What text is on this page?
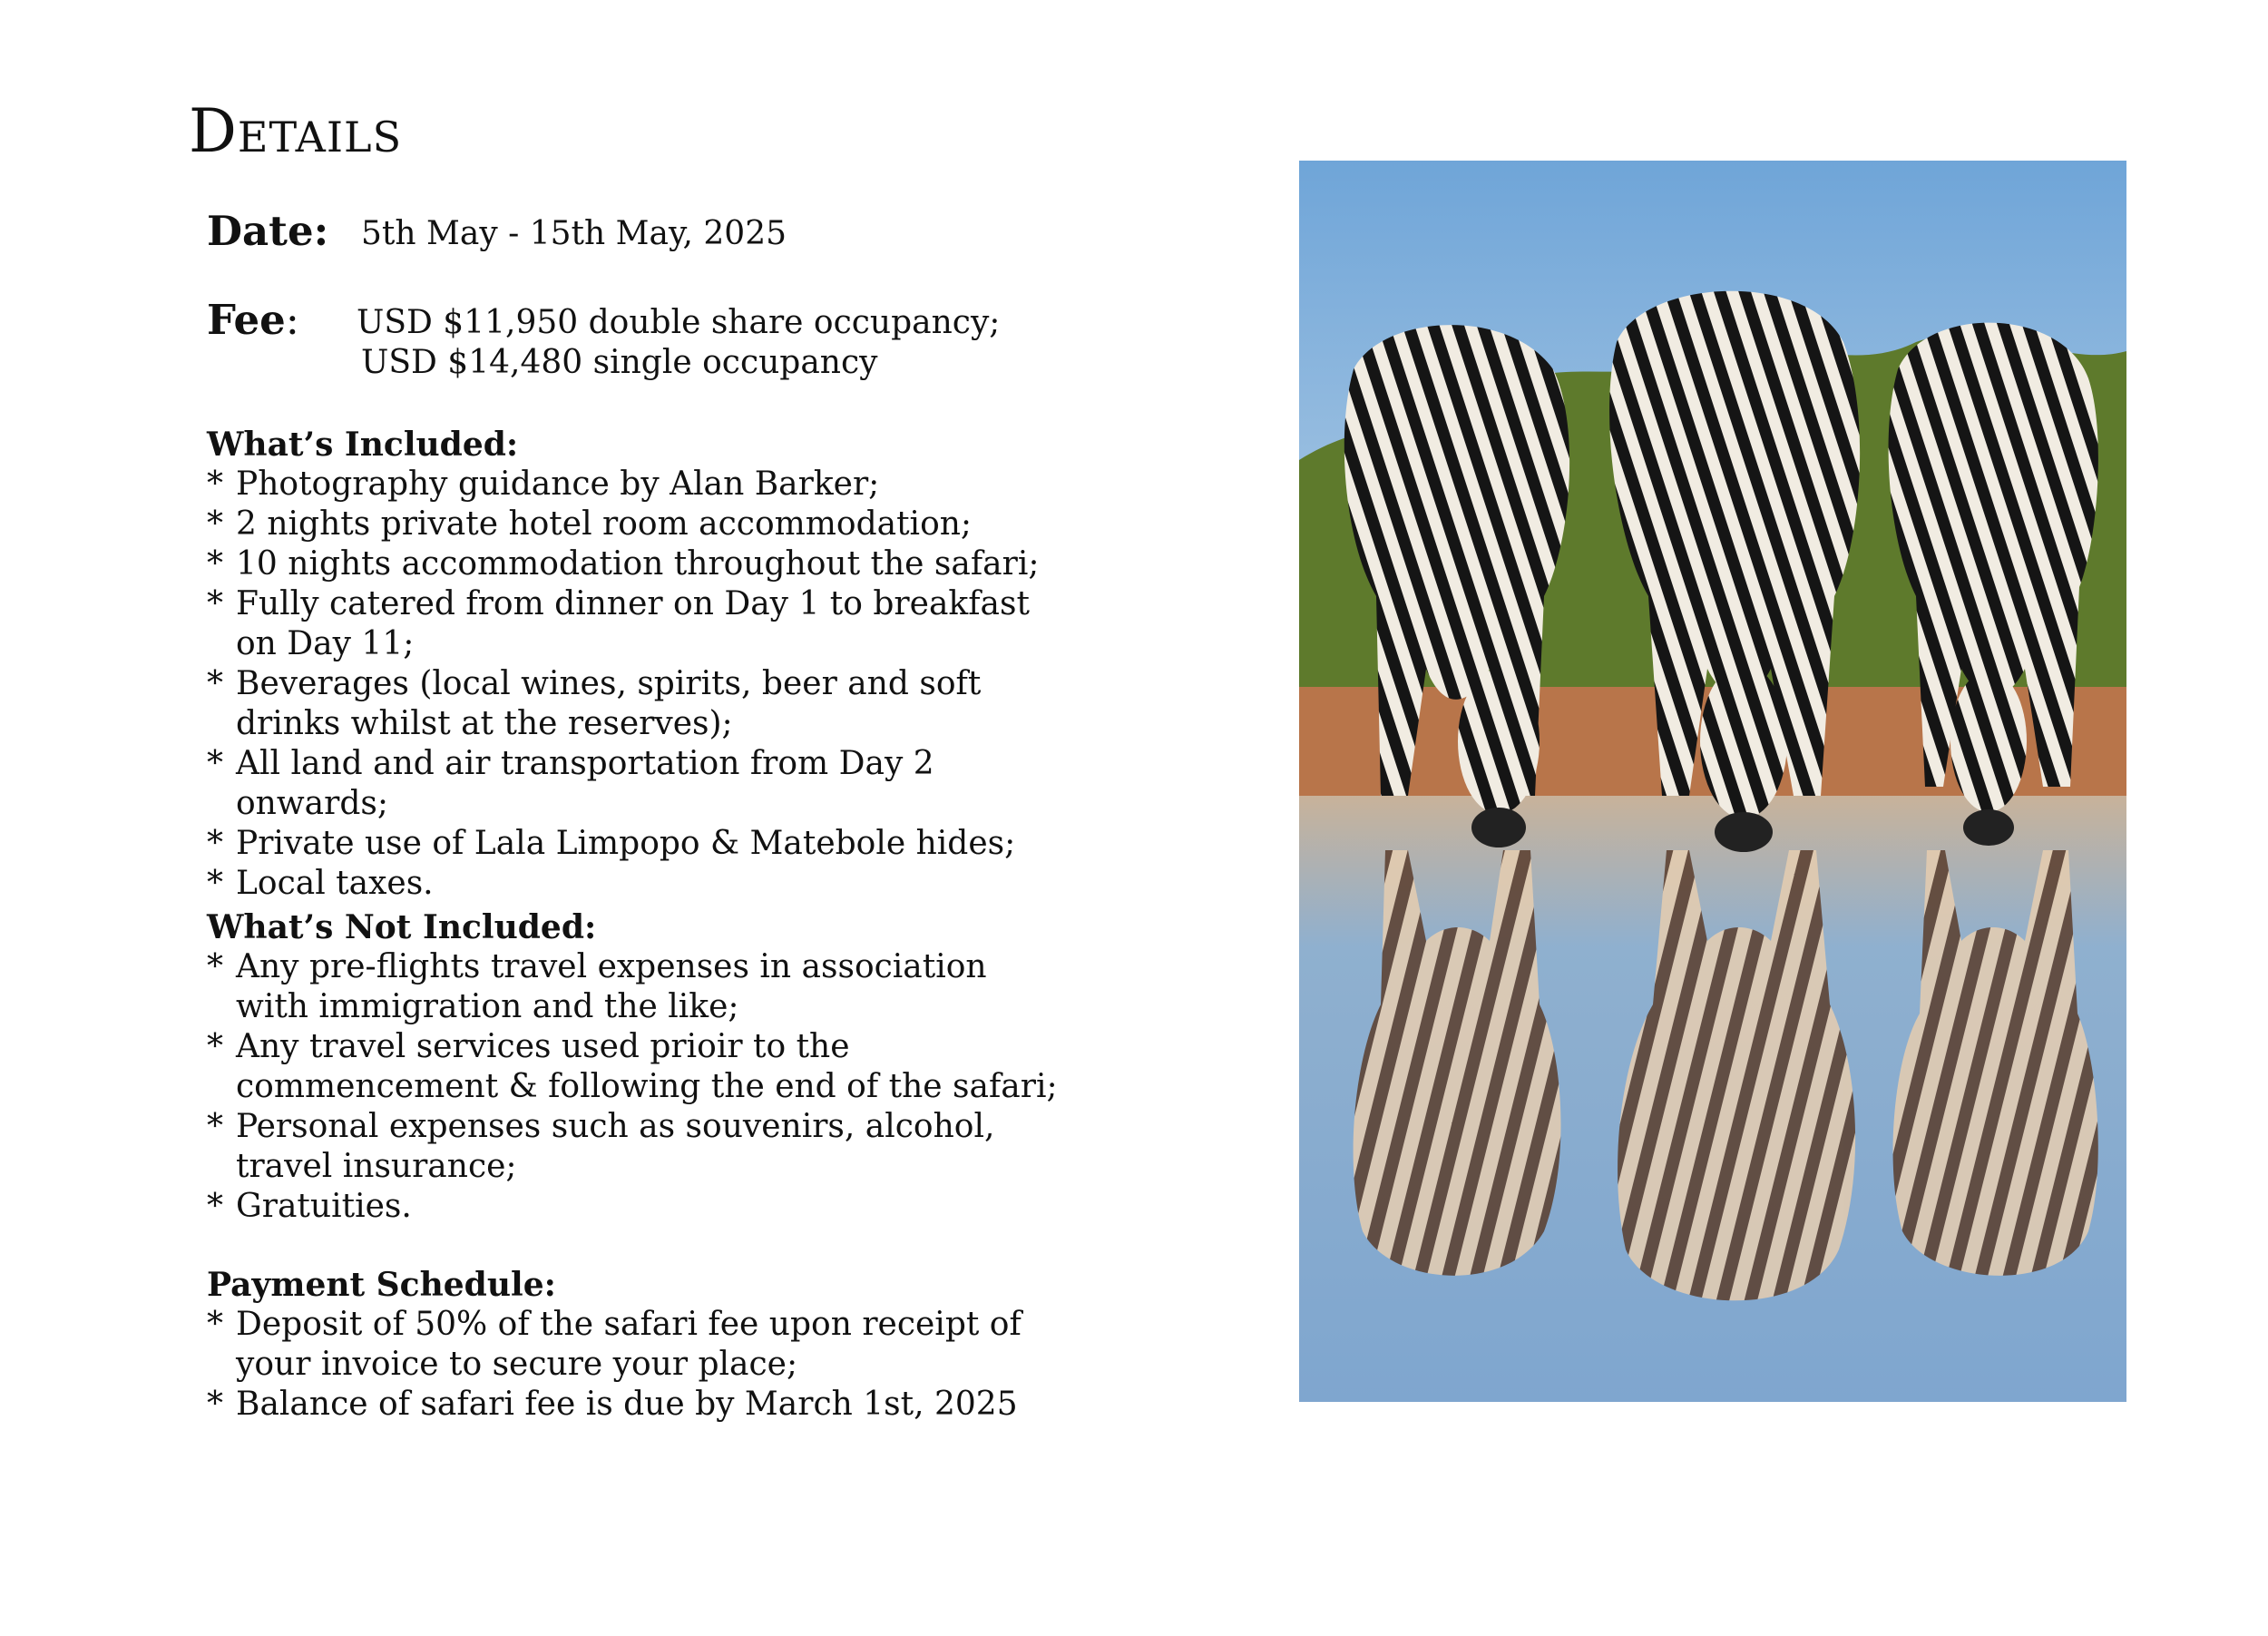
Details
Date: 5th May - 15th May, 2025
Fee: USD $11,950 double share occupancy;
USD $14,480 single occupancy

What’s Included:

* Photography guidance by Alan Barker;
* 2 nights private hotel room accommodation;
* 10 nights accommodation throughout the safari;
* Fully catered from dinner on Day 1 to breakfast on Day 11;
* Beverages (local wines, spirits, beer and soft drinks whilst at the reserves);
* All land and air transportation from Day 2 onwards;
* Private use of Lala Limpopo & Matebole hides;
* Local taxes.

What’s Not Included:

* Any pre-flights travel expenses in association with immigration and the like;
* Any travel services used prioir to the commencement & following the end of the safari;
* Personal expenses such as souvenirs, alcohol, travel insurance;
* Gratuities.

Payment Schedule:

* Deposit of 50% of the safari fee upon receipt of your invoice to secure your place;
* Balance of safari fee is due by March 1st, 2025
